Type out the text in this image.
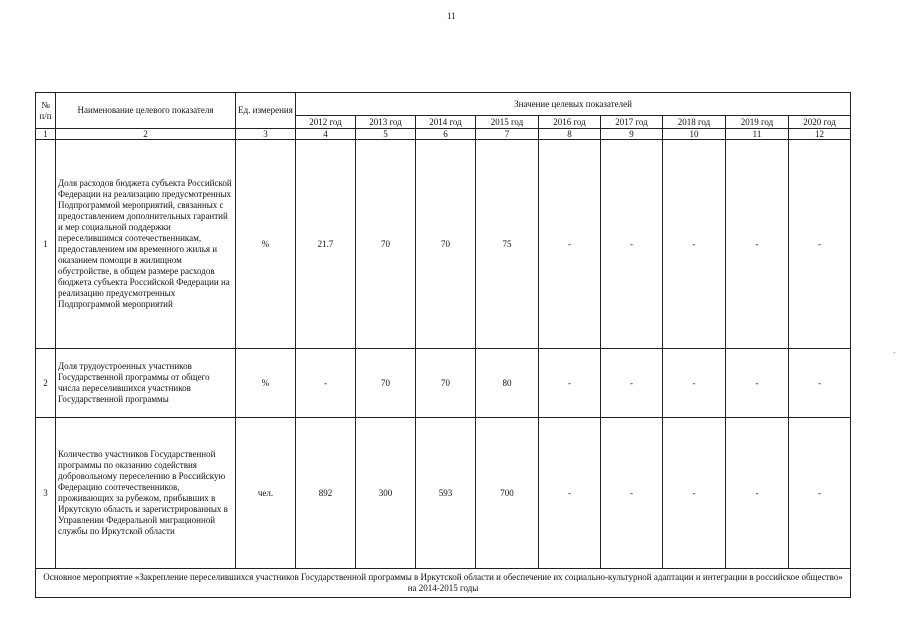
11
-
№ п/п	Наименование целевого показателя	Ед. измерения	Значение целевых показателей								
			2012 год	2013 год	2014 год	2015 год	2016 год	2017 год	2018 год	2019 год	2020 год
1	2	3	4	5	6	7	8	9	10	11	12
1	Доля расходов бюджета субъекта Российской Федерации на реализацию предусмотренных Подпрограммой мероприятий, связанных с предоставлением дополнительных гарантий и мер социальной поддержки переселившимся соотечественникам, предоставлением им временного жилья и оказанием помощи в жилищном обустройстве, в общем размере расходов бюджета субъекта Российской Федерации на реализацию предусмотренных Подпрограммой мероприятий	%	21.7	70	70	75	-	-	-	-	-
2	Доля трудоустроенных участников Государственной программы от общего числа переселившихся участников Государственной программы	%	-	70	70	80	-	-	-	-	-
3	Количество участников Государственной программы по оказанию содействия добровольному переселению в Российскую Федерацию соотечественников, проживающих за рубежом, прибывших в Иркутскую область и зарегистрированных в Управлении Федеральной миграционной службы по Иркутской области	чел.	892	300	593	700	-	-	-	-	-
Основное мероприятие «Закрепление переселившихся участников Государственной программы в Иркутской области и обеспечение их социально-культурной адаптации и интеграции в российское общество» на 2014-2015 годы											
